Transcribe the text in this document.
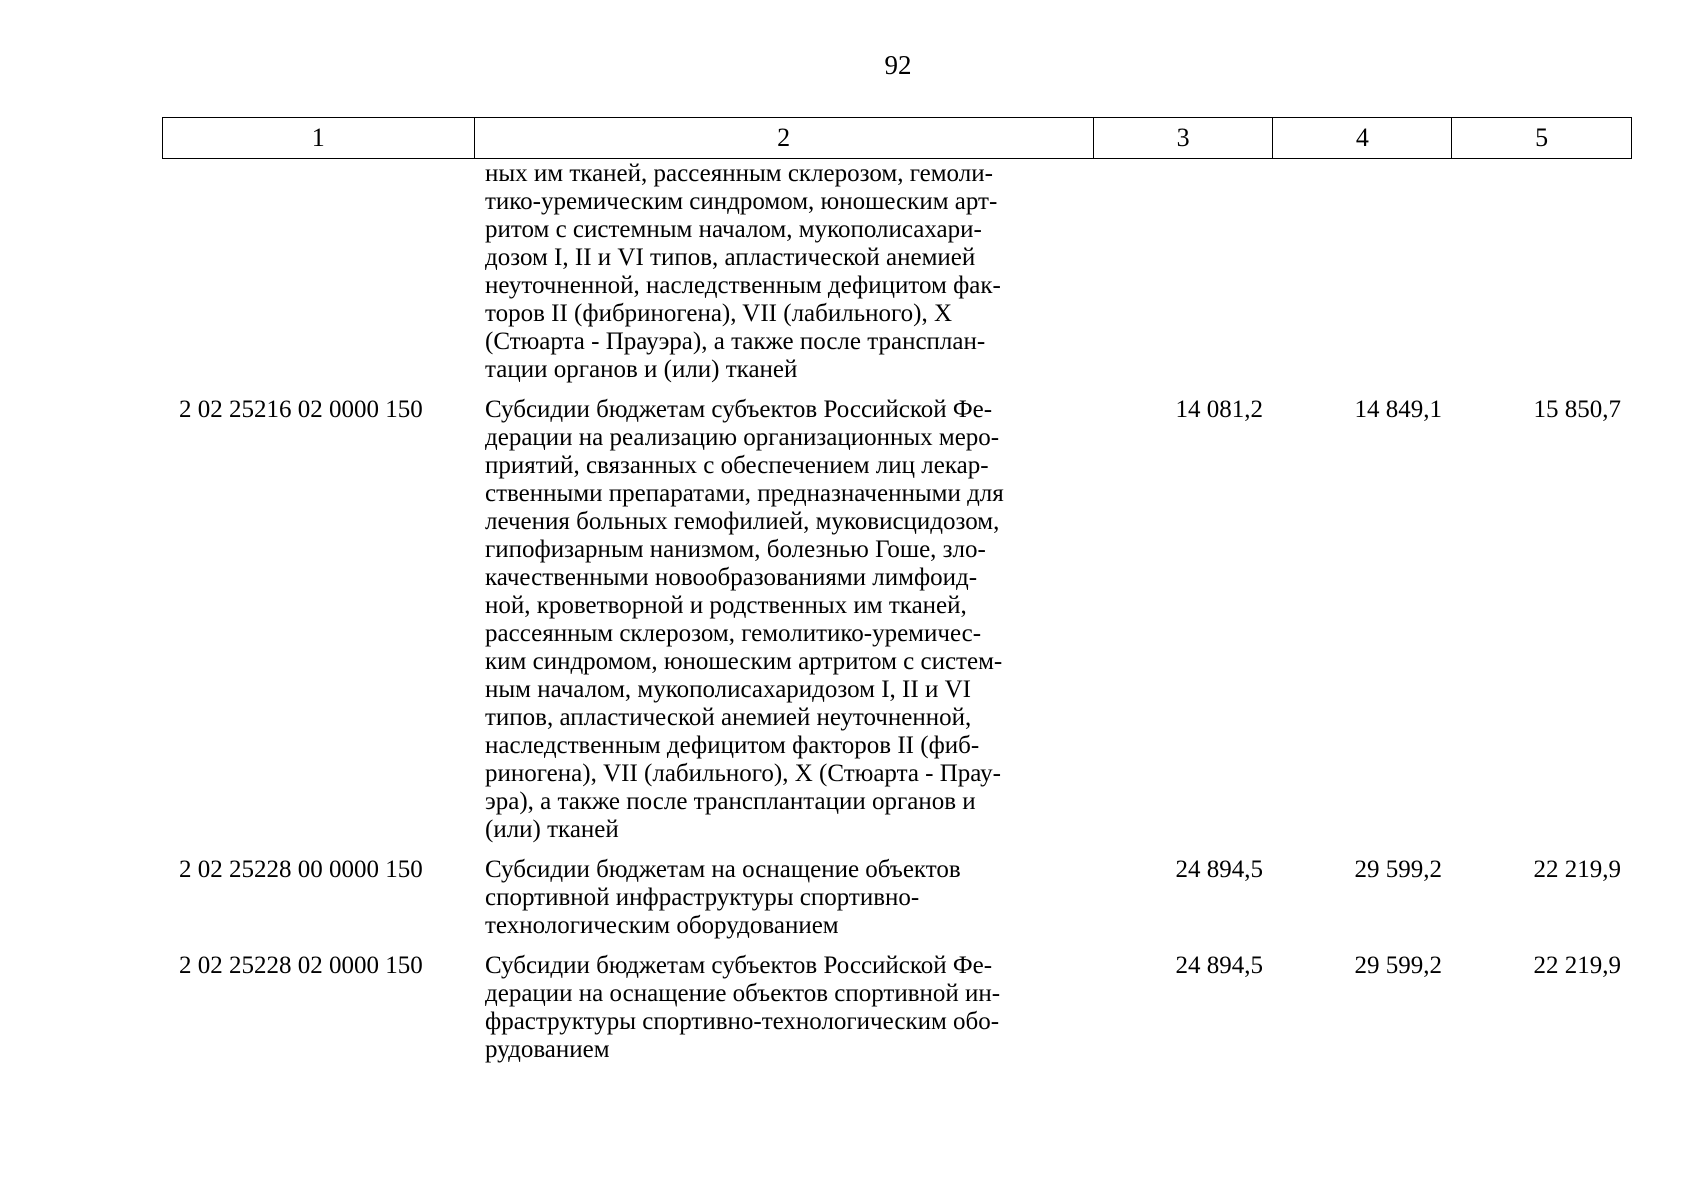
92
1	2	3	4	5
ных им тканей, рассеянным склерозом, гемоли-
тико-уремическим синдромом, юношеским арт-
ритом с системным началом, мукополисахари-
дозом I, II и VI типов, апластической анемией
неуточненной, наследственным дефицитом фак-
торов II (фибриногена), VII (лабильного), X
(Стюарта - Прауэра), а также после трансплан-
тации органов и (или) тканей
2 02 25216 02 0000 150	Субсидии бюджетам субъектов Российской Фе-
дерации на реализацию организационных меро-
приятий, связанных с обеспечением лиц лекар-
ственными препаратами, предназначенными для
лечения больных гемофилией, муковисцидозом,
гипофизарным нанизмом, болезнью Гоше, зло-
качественными новообразованиями лимфоид-
ной, кроветворной и родственных им тканей,
рассеянным склерозом, гемолитико-уремичес-
ким синдромом, юношеским артритом с систем-
ным началом, мукополисахаридозом I, II и VI
типов, апластической анемией неуточненной,
наследственным дефицитом факторов II (фиб-
риногена), VII (лабильного), X (Стюарта - Прау-
эра), а также после трансплантации органов и
(или) тканей
14 081,2	14 849,1	15 850,7
2 02 25228 00 0000 150	Субсидии бюджетам на оснащение объектов
спортивной инфраструктуры спортивно-
технологическим оборудованием
24 894,5	29 599,2	22 219,9
2 02 25228 02 0000 150	Субсидии бюджетам субъектов Российской Фе-
дерации на оснащение объектов спортивной ин-
фраструктуры спортивно-технологическим обо-
рудованием
24 894,5	29 599,2	22 219,9
